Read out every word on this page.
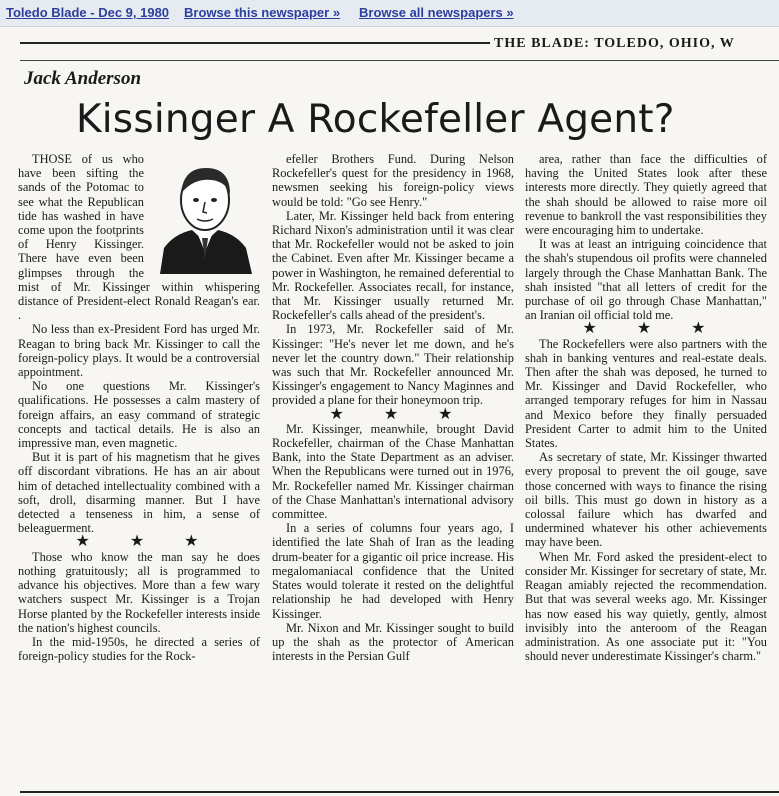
Toledo Blade - Dec 9, 1980 Browse this newspaper » Browse all newspapers »
THE BLADE: TOLEDO, OHIO, W
Jack Anderson
Kissinger A Rockefeller Agent?

THOSE of us who have been sifting the sands of the Potomac to see what the Republican tide has washed in have come upon the footprints of Henry Kissinger. There have even been glimpses through the mist of Mr. Kissinger within whispering distance of President-elect Ronald Reagan's ear. .

No less than ex-President Ford has urged Mr. Reagan to bring back Mr. Kissinger to call the foreign-policy plays. It would be a controversial appointment.

No one questions Mr. Kissinger's qualifications. He possesses a calm mastery of foreign affairs, an easy command of strategic concepts and tactical details. He is also an impressive man, even magnetic.

But it is part of his magnetism that he gives off discordant vibrations. He has an air about him of detached intellectuality combined with a soft, droll, disarming manner. But I have detected a tenseness in him, a sense of beleaguerment.

★ ★ ★

Those who know the man say he does nothing gratuitously; all is programmed to advance his objectives. More than a few wary watchers suspect Mr. Kissinger is a Trojan Horse planted by the Rockefeller interests inside the nation's highest councils.

In the mid-1950s, he directed a series of foreign-policy studies for the Rock-

efeller Brothers Fund. During Nelson Rockefeller's quest for the presidency in 1968, newsmen seeking his foreign-policy views would be told: "Go see Henry."

Later, Mr. Kissinger held back from entering Richard Nixon's administration until it was clear that Mr. Rockefeller would not be asked to join the Cabinet. Even after Mr. Kissinger became a power in Washington, he remained deferential to Mr. Rockefeller. Associates recall, for instance, that Mr. Kissinger usually returned Mr. Rockefeller's calls ahead of the president's.

In 1973, Mr. Rockefeller said of Mr. Kissinger: "He's never let me down, and he's never let the country down." Their relationship was such that Mr. Rockefeller announced Mr. Kissinger's engagement to Nancy Maginnes and provided a plane for their honeymoon trip.

★ ★ ★

Mr. Kissinger, meanwhile, brought David Rockefeller, chairman of the Chase Manhattan Bank, into the State Department as an adviser. When the Republicans were turned out in 1976, Mr. Rockefeller named Mr. Kissinger chairman of the Chase Manhattan's international advisory committee.

In a series of columns four years ago, I identified the late Shah of Iran as the leading drum-beater for a gigantic oil price increase. His megalomaniacal confidence that the United States would tolerate it rested on the delightful relationship he had developed with Henry Kissinger.

Mr. Nixon and Mr. Kissinger sought to build up the shah as the protector of American interests in the Persian Gulf

area, rather than face the difficulties of having the United States look after these interests more directly. They quietly agreed that the shah should be allowed to raise more oil revenue to bankroll the vast responsibilities they were encouraging him to undertake.

It was at least an intriguing coincidence that the shah's stupendous oil profits were channeled largely through the Chase Manhattan Bank. The shah insisted "that all letters of credit for the purchase of oil go through Chase Manhattan," an Iranian oil official told me.

★ ★ ★

The Rockefellers were also partners with the shah in banking ventures and real-estate deals. Then after the shah was deposed, he turned to Mr. Kissinger and David Rockefeller, who arranged temporary refuges for him in Nassau and Mexico before they finally persuaded President Carter to admit him to the United States.

As secretary of state, Mr. Kissinger thwarted every proposal to prevent the oil gouge, save those concerned with ways to finance the rising oil bills. This must go down in history as a colossal failure which has dwarfed and undermined whatever his other achievements may have been.

When Mr. Ford asked the president-elect to consider Mr. Kissinger for secretary of state, Mr. Reagan amiably rejected the recommendation. But that was several weeks ago. Mr. Kissinger has now eased his way quietly, gently, almost invisibly into the anteroom of the Reagan administration. As one associate put it: "You should never underestimate Kissinger's charm."
